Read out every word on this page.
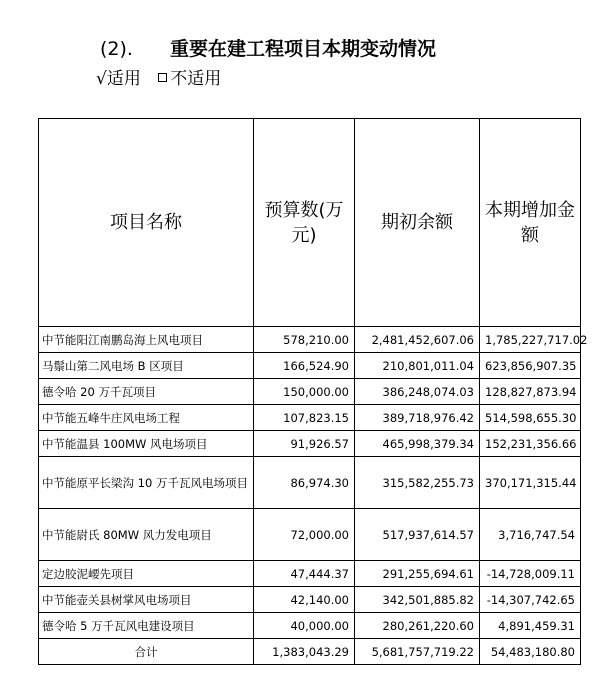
(2). 重要在建工程项目本期变动情况
√适用 不适用
项目名称	预算数(万元)	期初余额	本期增加金额
中节能阳江南鹏岛海上风电项目	578,210.00	2,481,452,607.06	1,785,227,717.02
马鬃山第二风电场 B 区项目	166,524.90	210,801,011.04	623,856,907.35
德令哈 20 万千瓦项目	150,000.00	386,248,074.03	128,827,873.94
中节能五峰牛庄风电场工程	107,823.15	389,718,976.42	514,598,655.30
中节能温县 100MW 风电场项目	91,926.57	465,998,379.34	152,231,356.66
中节能原平长梁沟 10 万千瓦风电场项目	86,974.30	315,582,255.73	370,171,315.44
中节能尉氏 80MW 风力发电项目	72,000.00	517,937,614.57	3,716,747.54
定边胶泥崾先项目	47,444.37	291,255,694.61	-14,728,009.11
中节能壶关县树掌风电场项目	42,140.00	342,501,885.82	-14,307,742.65
德令哈 5 万千瓦风电建设项目	40,000.00	280,261,220.60	4,891,459.31
合计	1,383,043.29	5,681,757,719.22	54,483,180.80
